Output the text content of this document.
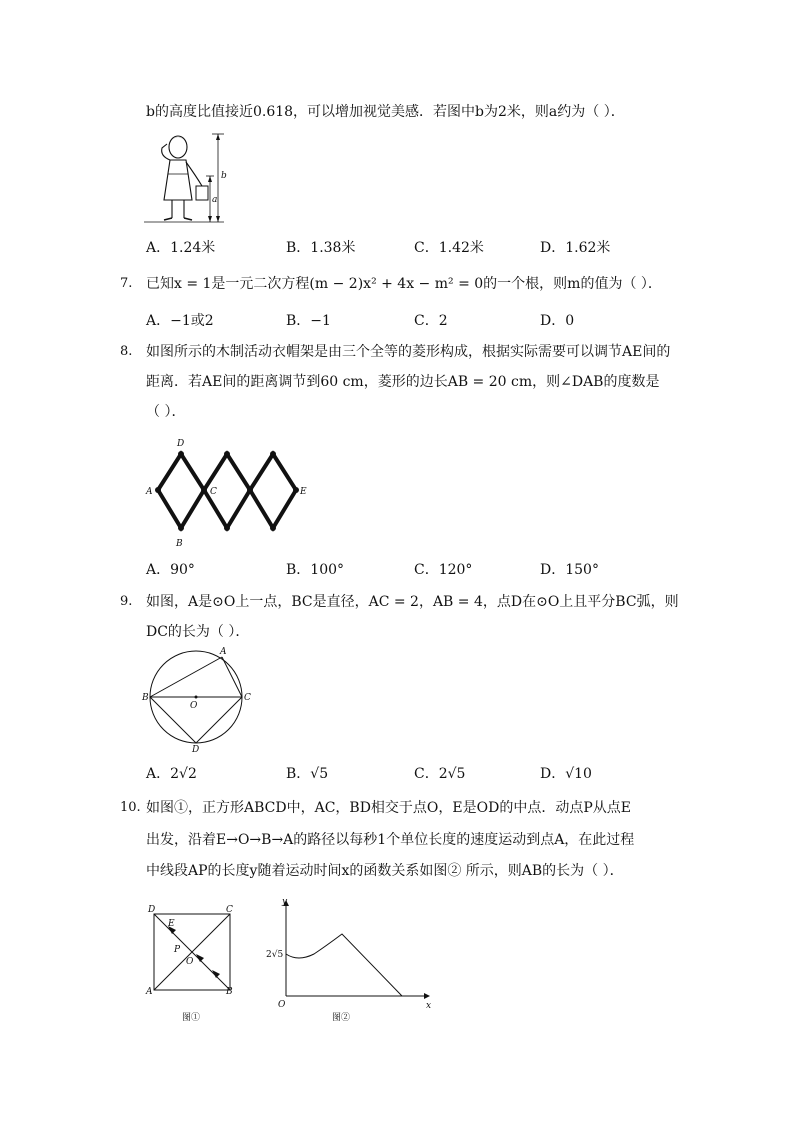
b的高度比值接近0.618，可以增加视觉美感．若图中b为2米，则a约为（ ）．
b
a
A．1.24米	B．1.38米	C．1.42米	D．1.62米
7. 已知x = 1是一元二次方程(m − 2)x² + 4x − m² = 0的一个根，则m的值为（ ）．
A．−1或2	B．−1	C．2	D．0
8. 如图所示的木制活动衣帽架是由三个全等的菱形构成，根据实际需要可以调节AE间的
距离．若AE间的距离调节到60 cm，菱形的边长AB = 20 cm，则∠DAB的度数是
（ ）．
A
B
C
D
E
A．90°	B．100°	C．120°	D．150°
9. 如图，A是⊙O上一点，BC是直径，AC = 2，AB = 4，点D在⊙O上且平分BC弧，则
DC的长为（ ）．
A
B	C
D
O
A．2√2	B．√5	C．2√5	D．√10
10. 如图①，正方形ABCD中，AC，BD相交于点O，E是OD的中点．动点P从点E
出发，沿着E→O→B→A的路径以每秒1个单位长度的速度运动到点A，在此过程
中线段AP的长度y随着运动时间x的函数关系如图② 所示，则AB的长为（ ）．
D	C
A	B
E
P
O
图①
y
x
O
2√5
图②
